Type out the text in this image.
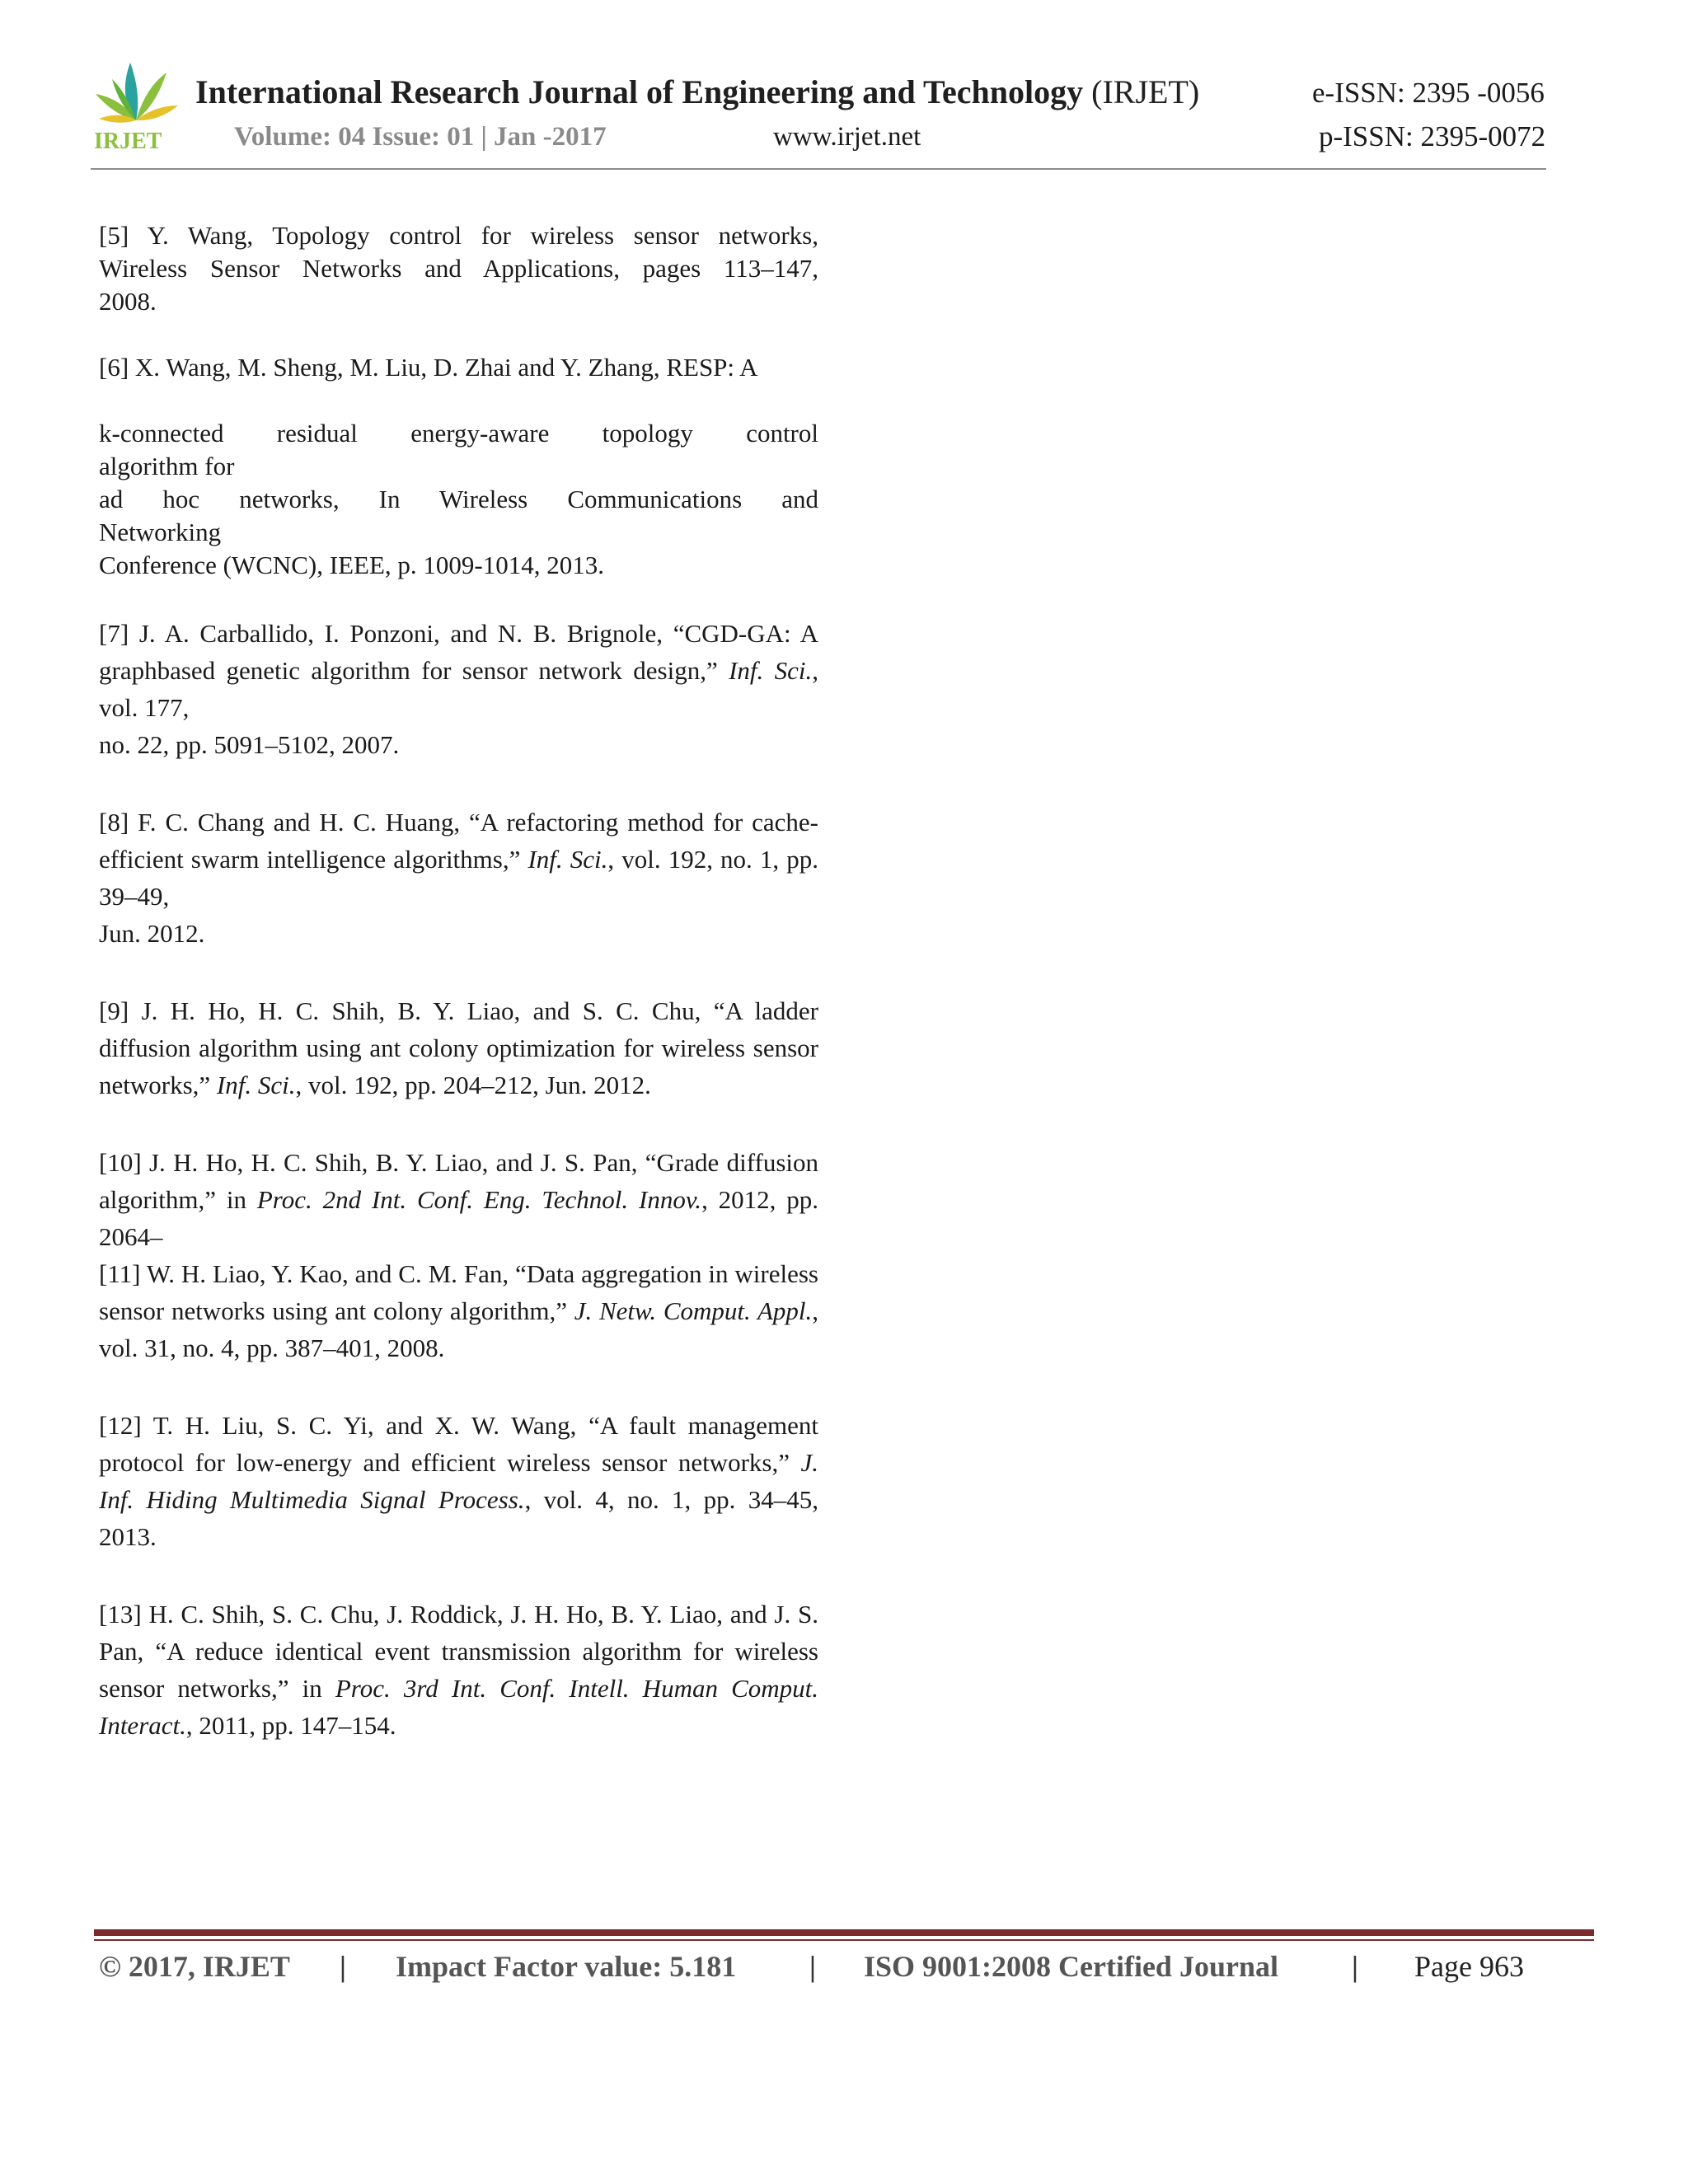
IRJET
International Research Journal of Engineering and Technology (IRJET)	e-ISSN: 2395 -0056
Volume: 04 Issue: 01 | Jan -2017	www.irjet.net	p-ISSN: 2395-0072
[5] Y. Wang, Topology control for wireless sensor networks,
Wireless Sensor Networks and Applications, pages 113–147,
2008.
[6] X. Wang, M. Sheng, M. Liu, D. Zhai and Y. Zhang, RESP: A
k-connected residual energy-aware topology control
algorithm for
ad hoc networks, In Wireless Communications and
Networking
Conference (WCNC), IEEE, p. 1009-1014, 2013.
[7] J. A. Carballido, I. Ponzoni, and N. B. Brignole, “CGD-GA: A graphbased genetic algorithm for sensor network design,” Inf. Sci., vol. 177,
no. 22, pp. 5091–5102, 2007.
[8] F. C. Chang and H. C. Huang, “A refactoring method for cache-efficient swarm intelligence algorithms,” Inf. Sci., vol. 192, no. 1, pp. 39–49,
Jun. 2012.
[9] J. H. Ho, H. C. Shih, B. Y. Liao, and S. C. Chu, “A ladder diffusion algorithm using ant colony optimization for wireless sensor networks,” Inf. Sci., vol. 192, pp. 204–212, Jun. 2012.
[10] J. H. Ho, H. C. Shih, B. Y. Liao, and J. S. Pan, “Grade diffusion algorithm,” in Proc. 2nd Int. Conf. Eng. Technol. Innov., 2012, pp. 2064–
[11] W. H. Liao, Y. Kao, and C. M. Fan, “Data aggregation in wireless sensor networks using ant colony algorithm,” J. Netw. Comput. Appl., vol. 31, no. 4, pp. 387–401, 2008.
[12] T. H. Liu, S. C. Yi, and X. W. Wang, “A fault management protocol for low-energy and efficient wireless sensor networks,” J. Inf. Hiding Multimedia Signal Process., vol. 4, no. 1, pp. 34–45, 2013.
[13] H. C. Shih, S. C. Chu, J. Roddick, J. H. Ho, B. Y. Liao, and J. S. Pan, “A reduce identical event transmission algorithm for wireless sensor networks,” in Proc. 3rd Int. Conf. Intell. Human Comput. Interact., 2011, pp. 147–154.
© 2017, IRJET | Impact Factor value: 5.181 | ISO 9001:2008 Certified Journal | Page 963
